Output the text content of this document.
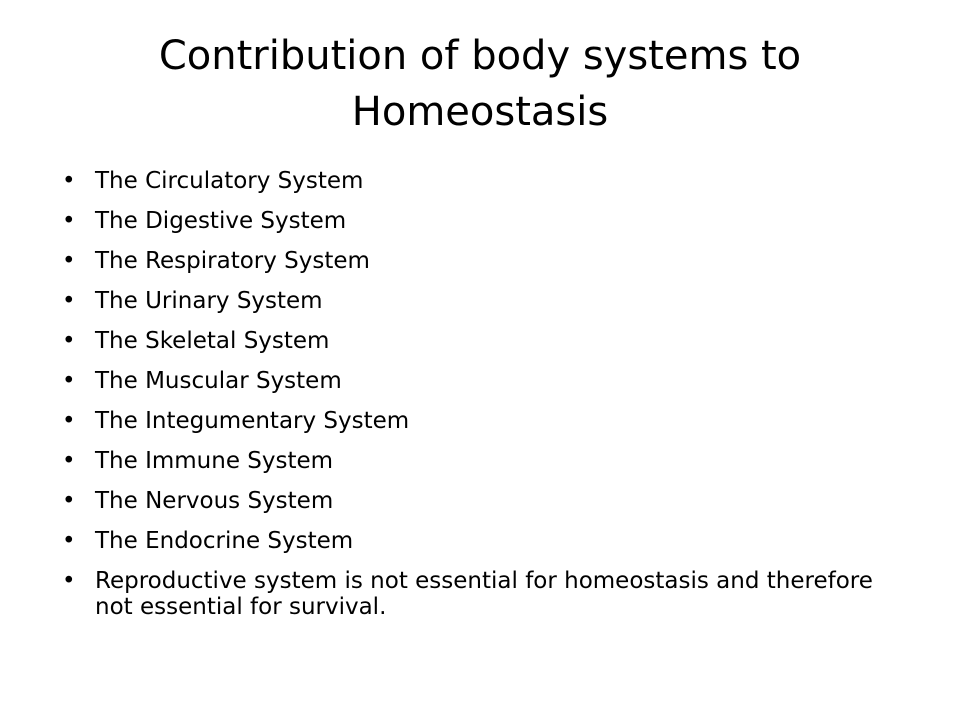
Contribution of body systems to Homeostasis
• The Circulatory System
• The Digestive System
• The Respiratory System
• The Urinary System
• The Skeletal System
• The Muscular System
• The Integumentary System
• The Immune System
• The Nervous System
• The Endocrine System
• Reproductive system is not essential for homeostasis and therefore not essential for survival.
